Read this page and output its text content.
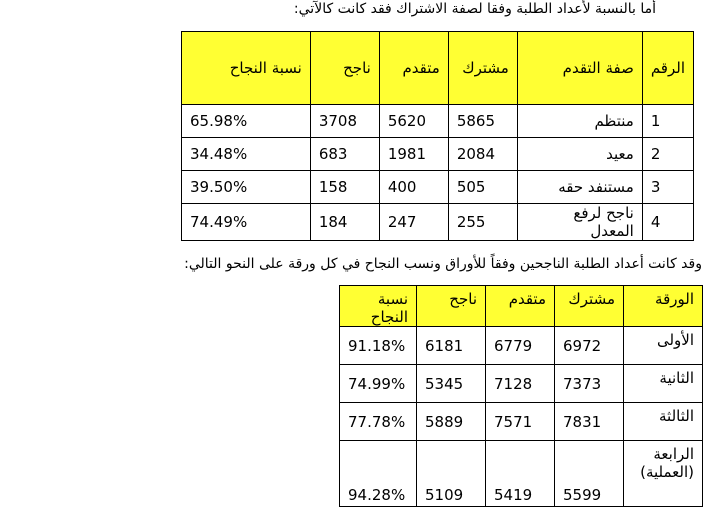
أما بالنسبة لأعداد الطلبة وفقا لصفة الاشتراك فقد كانت كالآتي:
الرقم	صفة التقدم	مشترك	متقدم	ناجح	نسبة النجاح
1	منتظم	5865	5620	3708	65.98%
2	معيد	2084	1981	683	34.48%
3	مستنفد حقه	505	400	158	39.50%
4	ناجح لرفع المعدل	255	247	184	74.49%
وقد كانت أعداد الطلبة الناجحين وفقاً للأوراق ونسب النجاح في كل ورقة على النحو التالي:
الورقة	مشترك	متقدم	ناجح	نسبة النجاح
الأولى	6972	6779	6181	91.18%
الثانية	7373	7128	5345	74.99%
الثالثة	7831	7571	5889	77.78%
الرابعة (العملية)	5599	5419	5109	94.28%
